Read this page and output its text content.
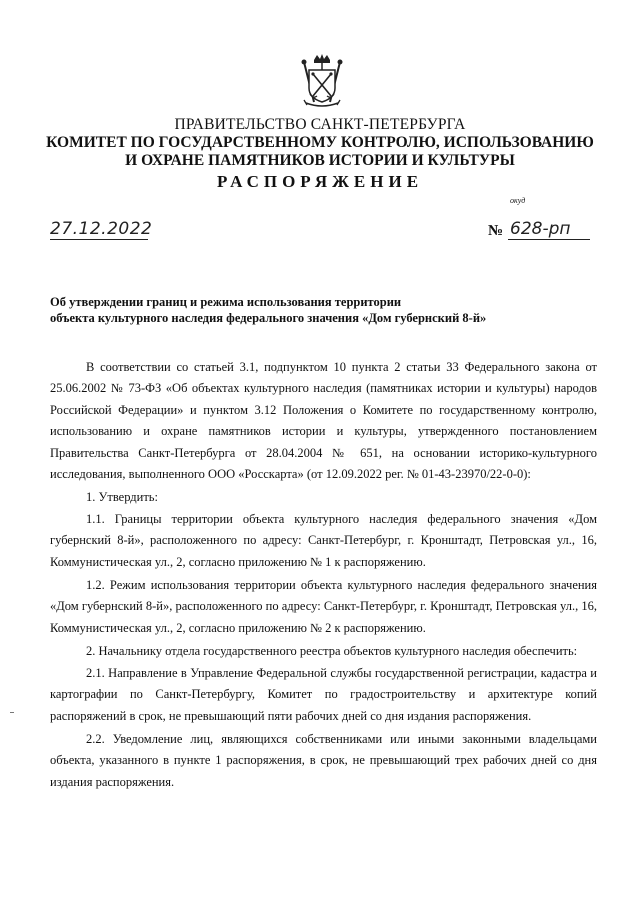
ПРАВИТЕЛЬСТВО САНКТ-ПЕТЕРБУРГА
КОМИТЕТ ПО ГОСУДАРСТВЕННОМУ КОНТРОЛЮ, ИСПОЛЬЗОВАНИЮ
И ОХРАНЕ ПАМЯТНИКОВ ИСТОРИИ И КУЛЬТУРЫ
РАСПОРЯЖЕНИЕ
окуд
27.12.2022	№ 628-рп
Об утверждении границ и режима использования территории
объекта культурного наследия федерального значения «Дом губернский 8-й»

В соответствии со статьей 3.1, подпунктом 10 пункта 2 статьи 33 Федерального закона от 25.06.2002 № 73-ФЗ «Об объектах культурного наследия (памятниках истории и культуры) народов Российской Федерации» и пунктом 3.12 Положения о Комитете по государственному контролю, использованию и охране памятников истории и культуры, утвержденного постановлением Правительства Санкт-Петербурга от 28.04.2004 № 651, на основании историко-культурного исследования, выполненного ООО «Росскарта» (от 12.09.2022 рег. № 01-43-23970/22-0-0):

1. Утвердить:

1.1. Границы территории объекта культурного наследия федерального значения «Дом губернский 8-й», расположенного по адресу: Санкт-Петербург, г. Кронштадт, Петровская ул., 16, Коммунистическая ул., 2, согласно приложению № 1 к распоряжению.

1.2. Режим использования территории объекта культурного наследия федерального значения «Дом губернский 8-й», расположенного по адресу: Санкт-Петербург, г. Кронштадт, Петровская ул., 16, Коммунистическая ул., 2, согласно приложению № 2 к распоряжению.

2. Начальнику отдела государственного реестра объектов культурного наследия обеспечить:

2.1. Направление в Управление Федеральной службы государственной регистрации, кадастра и картографии по Санкт-Петербургу, Комитет по градостроительству и архитектуре копий распоряжений в срок, не превышающий пяти рабочих дней со дня издания распоряжения.

2.2. Уведомление лиц, являющихся собственниками или иными законными владельцами объекта, указанного в пункте 1 распоряжения, в срок, не превышающий трех рабочих дней со дня издания распоряжения.
